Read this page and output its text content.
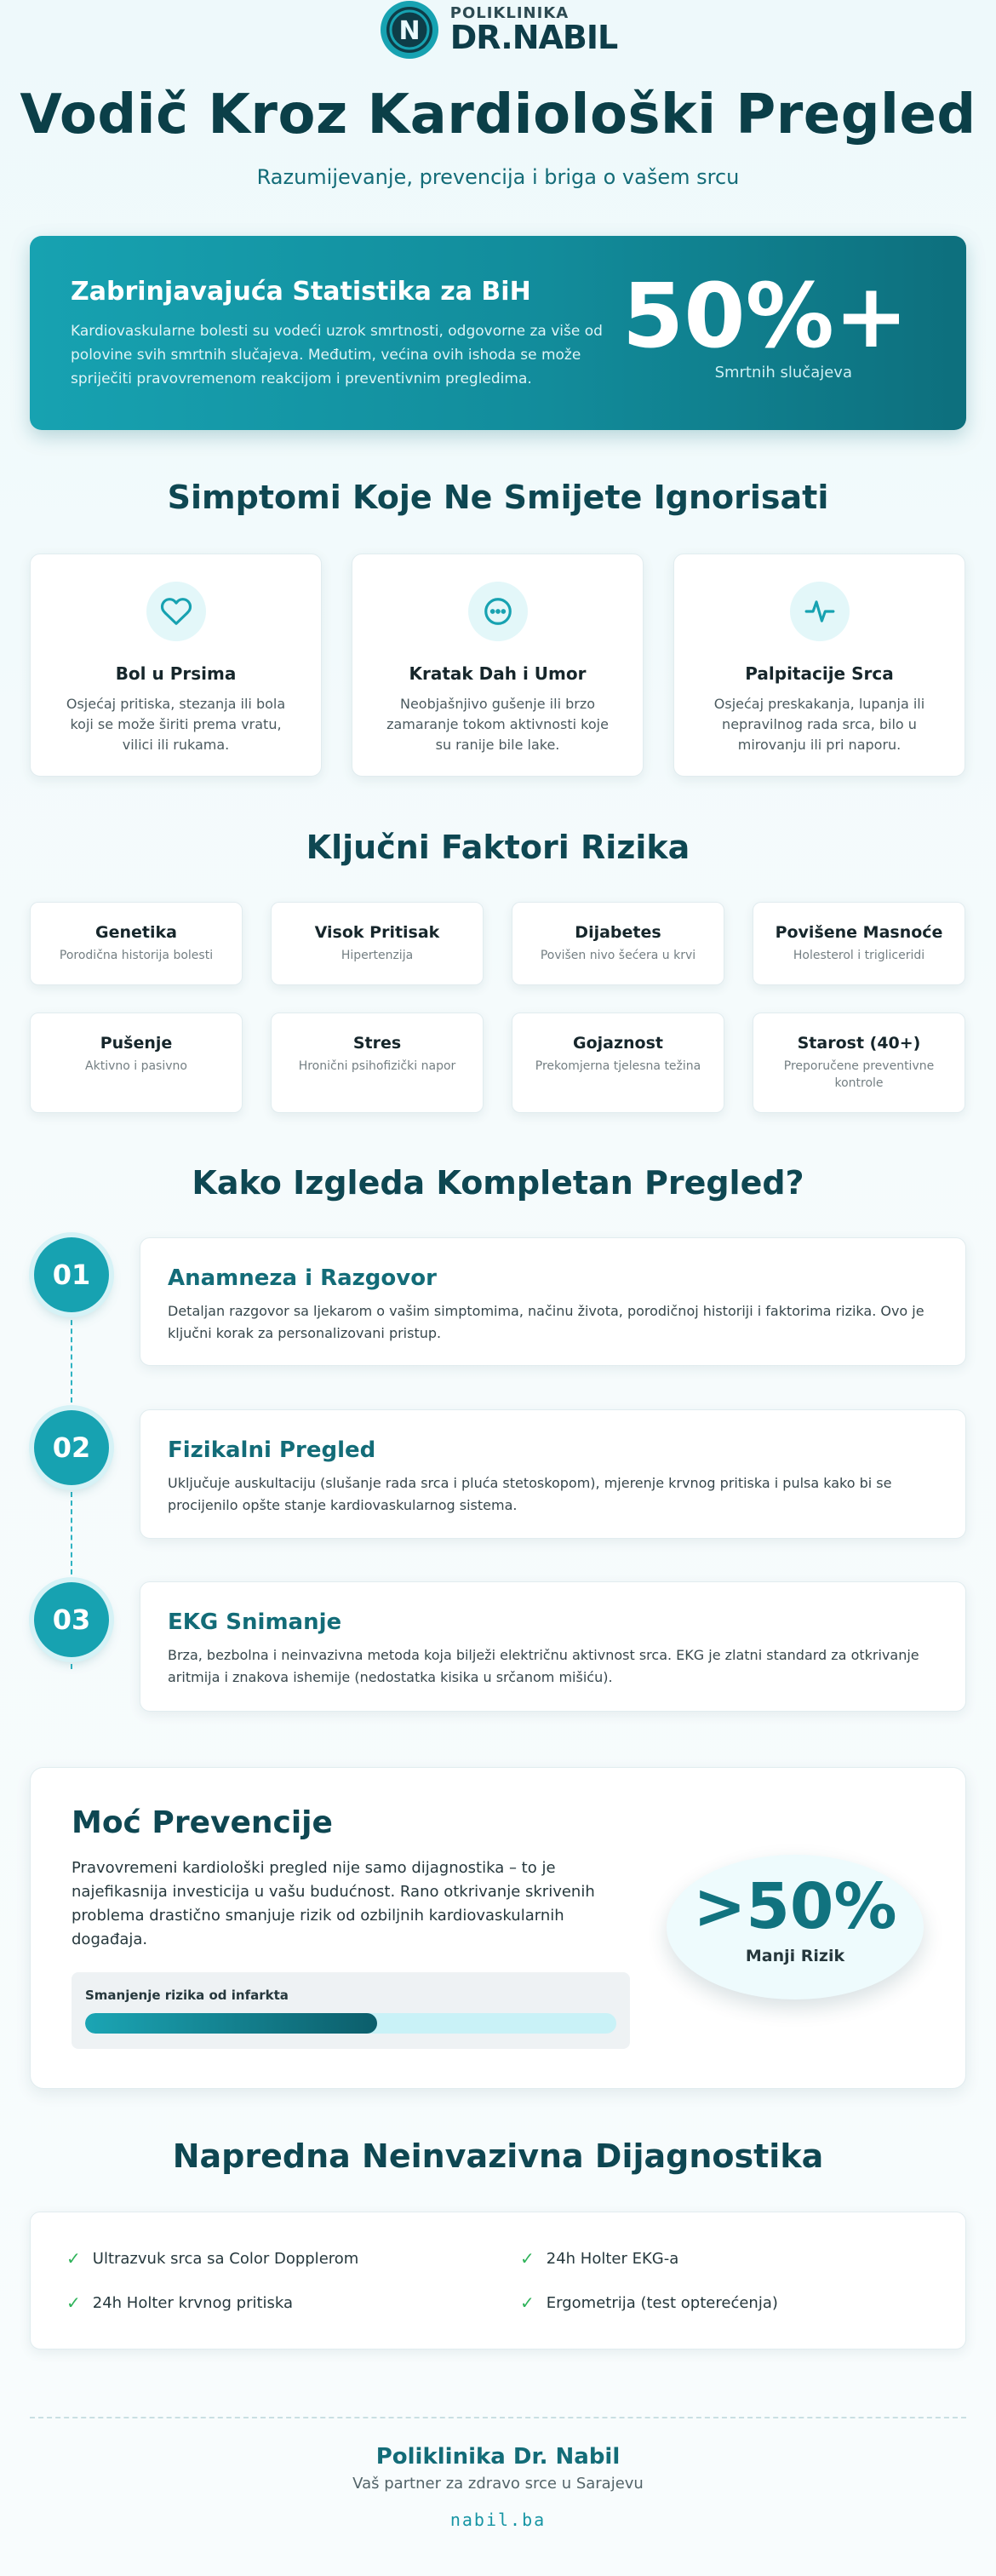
N
POLIKLINIKA
DR.NABIL
Vodič Kroz Kardiološki Pregled
Razumijevanje, prevencija i briga o vašem srcu
Zabrinjavajuća Statistika za BiH
Kardiovaskularne bolesti su vodeći uzrok smrtnosti, odgovorne za više od polovine svih smrtnih slučajeva. Međutim, većina ovih ishoda se može spriječiti pravovremenom reakcijom i preventivnim pregledima.
50%+
Smrtnih slučajeva
Simptomi Koje Ne Smijete Ignorisati
Bol u Prsima
Osjećaj pritiska, stezanja ili bola koji se može širiti prema vratu, vilici ili rukama.
Kratak Dah i Umor
Neobjašnjivo gušenje ili brzo zamaranje tokom aktivnosti koje su ranije bile lake.
Palpitacije Srca
Osjećaj preskakanja, lupanja ili nepravilnog rada srca, bilo u mirovanju ili pri naporu.
Ključni Faktori Rizika
Genetika
Porodična historija bolesti
Visok Pritisak
Hipertenzija
Dijabetes
Povišen nivo šećera u krvi
Povišene Masnoće
Holesterol i trigliceridi
Pušenje
Aktivno i pasivno
Stres
Hronični psihofizički napor
Gojaznost
Prekomjerna tjelesna težina
Starost (40+)
Preporučene preventivne kontrole
Kako Izgleda Kompletan Pregled?
01	Anamneza i Razgovor
Detaljan razgovor sa ljekarom o vašim simptomima, načinu života, porodičnoj historiji i faktorima rizika. Ovo je ključni korak za personalizovani pristup.
02	Fizikalni Pregled
Uključuje auskultaciju (slušanje rada srca i pluća stetoskopom), mjerenje krvnog pritiska i pulsa kako bi se procijenilo opšte stanje kardiovaskularnog sistema.
03	EKG Snimanje
Brza, bezbolna i neinvazivna metoda koja bilježi električnu aktivnost srca. EKG je zlatni standard za otkrivanje aritmija i znakova ishemije (nedostatka kisika u srčanom mišiću).
Moć Prevencije
Pravovremeni kardiološki pregled nije samo dijagnostika – to je najefikasnija investicija u vašu budućnost. Rano otkrivanje skrivenih problema drastično smanjuje rizik od ozbiljnih kardiovaskularnih događaja.
Smanjenje rizika od infarkta
>50%
Manji Rizik
Napredna Neinvazivna Dijagnostika
✓ Ultrazvuk srca sa Color Dopplerom	✓ 24h Holter EKG-a
✓ 24h Holter krvnog pritiska	✓ Ergometrija (test opterećenja)
Poliklinika Dr. Nabil
Vaš partner za zdravo srce u Sarajevu
nabil.ba
